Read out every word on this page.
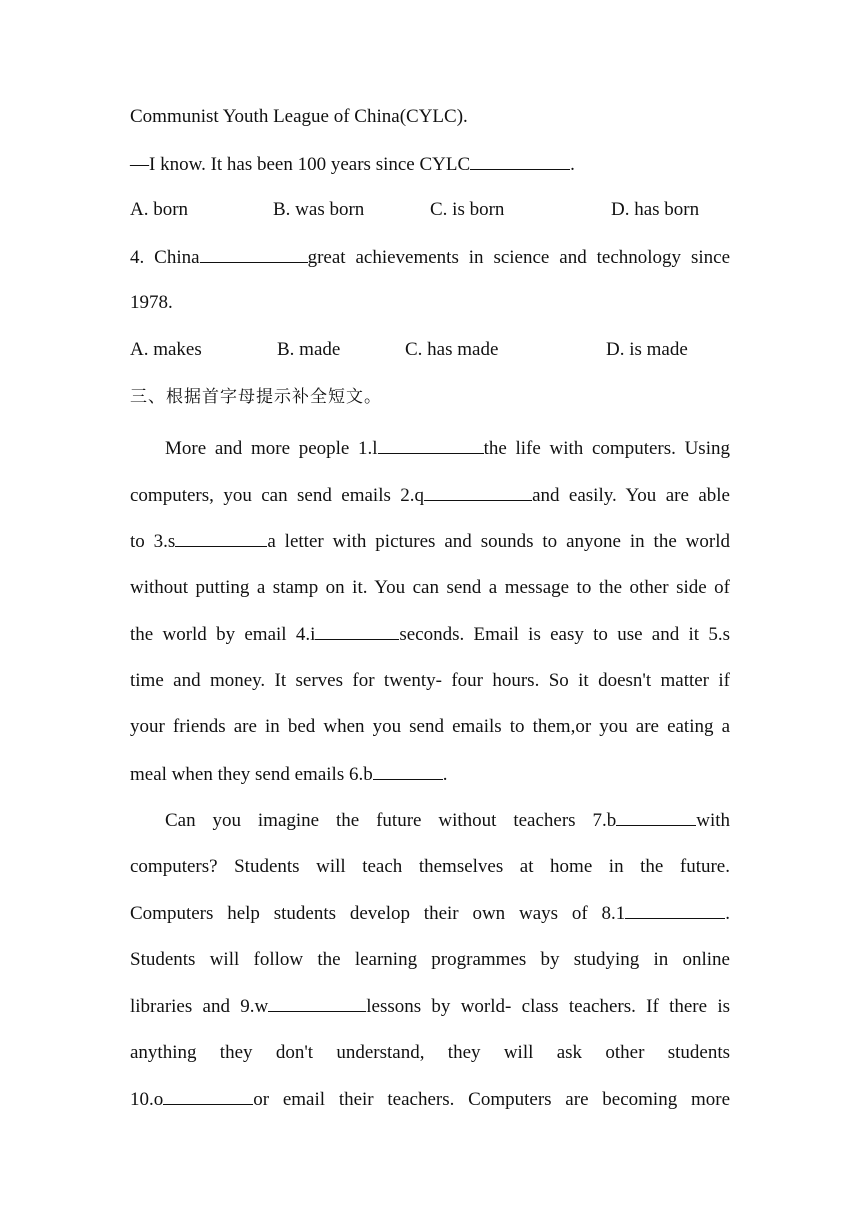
Communist Youth League of China(CYLC).
—I know. It has been 100 years since CYLC	.
A. born	B. was born	C. is born	D. has born
4. China	great achievements in science and technology since
1978.
A. makes	B. made	C. has made	D. is made
三、根据首字母提示补全短文。
More and more people 1.l	the life with computers. Using
computers, you can send emails 2.q	and easily. You are able
to 3.s	a letter with pictures and sounds to anyone in the world
without putting a stamp on it. You can send a message to the other side of
the world by email 4.i	seconds. Email is easy to use and it 5.s
time and money. It serves for twenty- four hours. So it doesn't matter if
your friends are in bed when you send emails to them,or you are eating a
meal when they send emails 6.b	.
Can you imagine the future without teachers 7.b	with
computers? Students will teach themselves at home in the future.
Computers help students develop their own ways of 8.1	.
Students will follow the learning programmes by studying in online
libraries and 9.w	lessons by world- class teachers. If there is
anything they don't understand, they will ask other students
10.o	or email their teachers. Computers are becoming more
